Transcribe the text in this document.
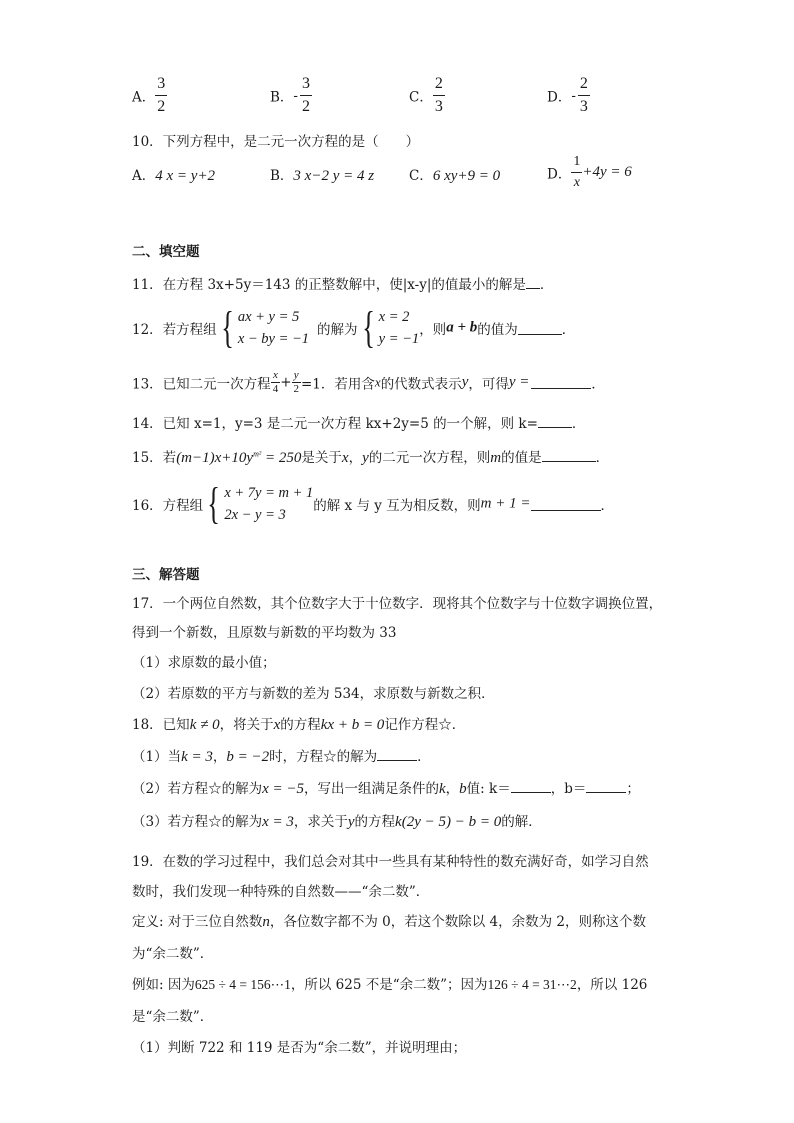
A． $\frac{3}{2}$	B．- $\frac{3}{2}$	C． $\frac{2}{3}$	D．- $\frac{2}{3}$
10．下列方程中，是二元一次方程的是（　　）
A．4 x = y+2	B．3 x−2 y = 4 z	C．6 xy+9 = 0	D． $\frac{1}{x} +4y = 6$
二、填空题
11．在方程 3x+5y＝143 的正整数解中，使|x-y|的值最小的解是 ．
12．若方程组{ ax + y = 5
x − by = −1
的解为{ x = 2
y = −1
，则a + b的值为	．
13．已知二元一次方程 $\frac{x}{4} + \frac{y}{2} =1$．若用含x的代数式表示y，可得y =	．
14．已知 x=1，y=3 是二元一次方程 kx+2y=5 的一个解，则 k=	．
15．若$(m-1)x+10y^{m^2} = 250$是关于x，y的二元一次方程，则m的值是	．
16．方程组{ x + 7y = m + 1
2x − y = 3
的解 x 与 y 互为相反数，则m + 1 =	．
三、解答题
17．一个两位自然数，其个位数字大于十位数字．现将其个位数字与十位数字调换位置，
得到一个新数，且原数与新数的平均数为 33
（1）求原数的最小值；
（2）若原数的平方与新数的差为 534，求原数与新数之积．
18．已知k ≠ 0，将关于x的方程kx + b = 0记作方程☆．
（1）当k = 3，b = −2时，方程☆的解为	．
（2）若方程☆的解为x = −5，写出一组满足条件的k，b值: k＝	，b＝	；
（3）若方程☆的解为x = 3，求关于y的方程k(2y − 5) − b = 0的解．
19．在数的学习过程中，我们总会对其中一些具有某种特性的数充满好奇，如学习自然
数时，我们发现一种特殊的自然数——“余二数”．
定义: 对于三位自然数n，各位数字都不为 0，若这个数除以 4，余数为 2，则称这个数
为“余二数”．
例如: 因为625 ÷ 4 = 156⋯1，所以 625 不是“余二数”；因为126 ÷ 4 = 31⋯2，所以 126
是“余二数”．
（1）判断 722 和 119 是否为“余二数”，并说明理由；
